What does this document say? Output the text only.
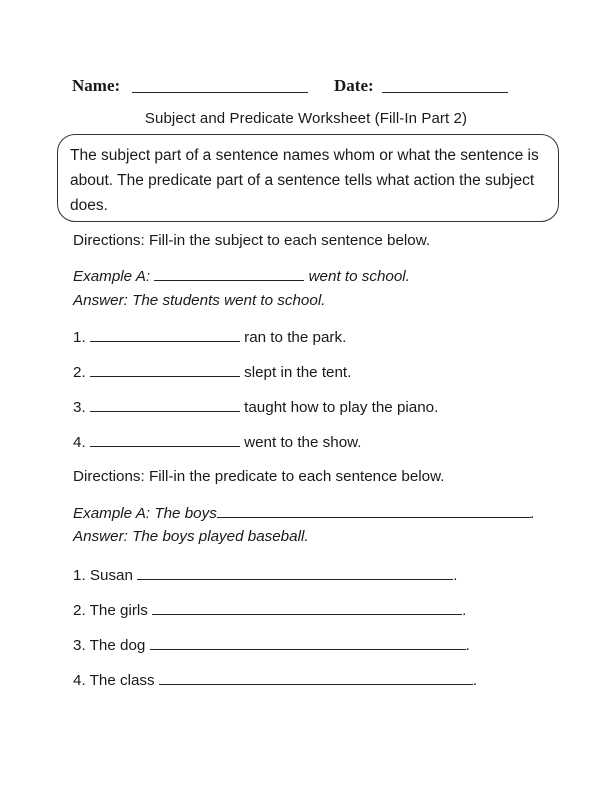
Name:	Date:
Subject and Predicate Worksheet (Fill-In Part 2)
The subject part of a sentence names whom or what the sentence is about. The predicate part of a sentence tells what action the subject does.
Directions: Fill-in the subject to each sentence below.
Example A:	went to school.
Answer: The students went to school.
1.	ran to the park.
2.	slept in the tent.
3.	taught how to play the piano.
4.	went to the show.
Directions: Fill-in the predicate to each sentence below.
Example A: The boys	.
Answer: The boys played baseball.
1. Susan	.
2. The girls	.
3. The dog	.
4. The class	.
